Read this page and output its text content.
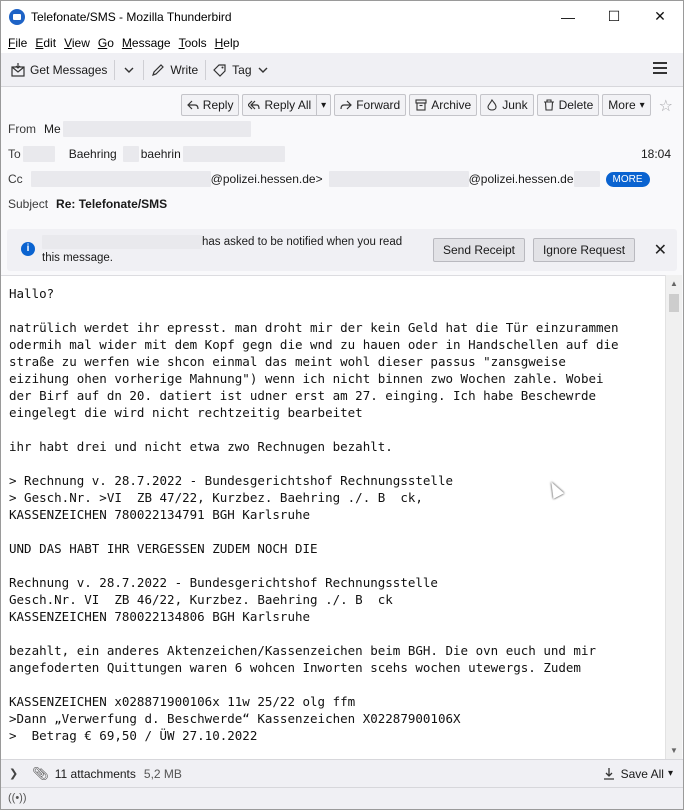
Telefonate/SMS - Mozilla Thunderbird	—	☐	✕
File Edit View Go Message Tools Help
Get Messages	Write	Tag
Reply	Reply All	▾	Forward	Archive	Junk	Delete More ▾ ☆
From Me
To	Baehring baehrin	18:04
Cc	@polizei.hessen.de>	@polizei.hessen.de	MORE
Subject Re: Telefonate/SMS
i
has asked to be notified when you read
this message.
Send Receipt	Ignore Request	✕
Hallo?

natrülich werdet ihr epresst. man droht mir der kein Geld hat die Tür einzurammen
odermih mal wider mit dem Kopf gegn die wnd zu hauen oder in Handschellen auf die
straße zu werfen wie shcon einmal das meint wohl dieser passus "zansgweise
eizihung ohen vorherige Mahnung") wenn ich nicht binnen zwo Wochen zahle. Wobei
der Birf auf dn 20. datiert ist udner erst am 27. einging. Ich habe Beschewrde
eingelegt die wird nicht rechtzeitig bearbeitet

ihr habt drei und nicht etwa zwo Rechnugen bezahlt.

> Rechnung v. 28.7.2022 - Bundesgerichtshof Rechnungsstelle
> Gesch.Nr. >VI  ZB 47/22, Kurzbez. Baehring ./. B  ck,
KASSENZEICHEN 780022134791 BGH Karlsruhe

UND DAS HABT IHR VERGESSEN ZUDEM NOCH DIE

Rechnung v. 28.7.2022 - Bundesgerichtshof Rechnungsstelle
Gesch.Nr. VI  ZB 46/22, Kurzbez. Baehring ./. B  ck
KASSENZEICHEN 780022134806 BGH Karlsruhe

bezahlt, ein anderes Aktenzeichen/Kassenzeichen beim BGH. Die ovn euch und mir
angefoderten Quittungen waren 6 wohcen Inworten scehs wochen utewergs. Zudem

KASSENZEICHEN x028871900106x 11w 25/22 olg ffm
>Dann „Verwerfung d. Beschwerde“ Kassenzeichen X02287900106X
>  Betrag € 69,50 / ÜW 27.10.2022

▲
▼
❯ 📎︎ 11 attachments 5,2 MB	Save All ▾
((•))
